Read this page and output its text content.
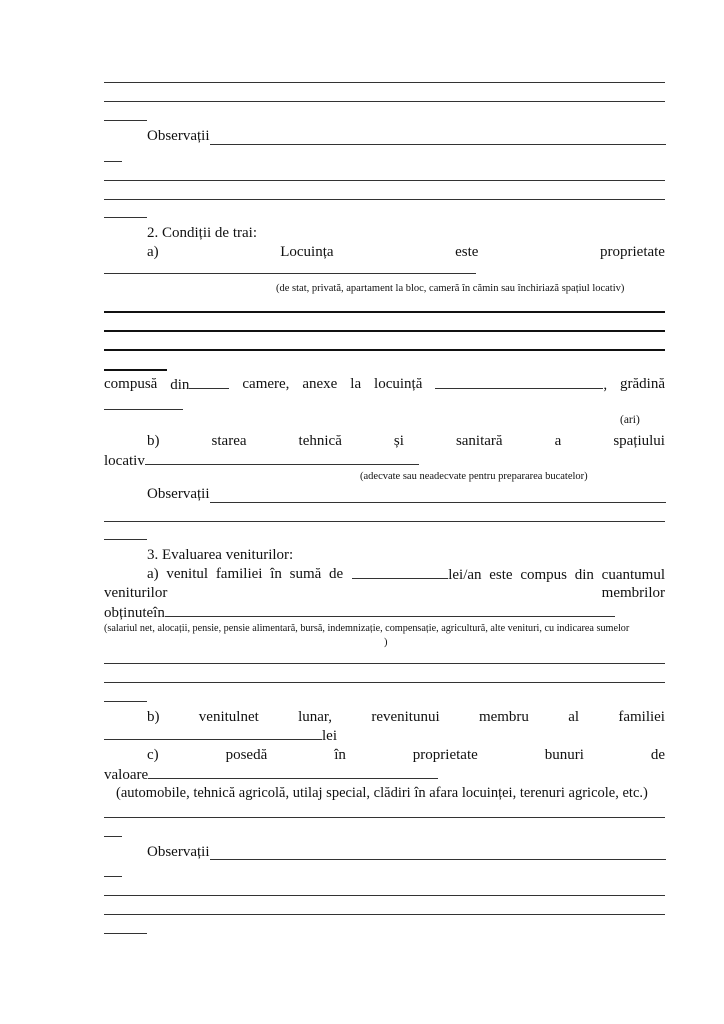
Observații
2. Condiții de trai:
a)	Locuința	este	proprietate
(de stat, privată, apartament la bloc, cameră în cămin sau închiriază spațiul locativ)
compusă din	camere, anexe la locuință	, grădină
(ari)
b)	starea	tehnică	și	sanitară	a	spațiului
locativ
(adecvate sau neadecvate pentru prepararea bucatelor)
Observații
3. Evaluarea veniturilor:
a) venitul familiei în sumă de	lei/an este compus din cuantumul
veniturilor	membrilor
obținuteîn
(salariul net, alocații, pensie, pensie alimentară, bursă, indemnizație, compensație, agricultură, alte venituri, cu indicarea sumelor
)
b)	venitulnet	lunar,	revenitunui	membru	al	familiei
lei
c)	posedă	în	proprietate	bunuri	de
valoare
(automobile, tehnică agricolă, utilaj special, clădiri în afara locuinței, terenuri agricole, etc.)
Observații
